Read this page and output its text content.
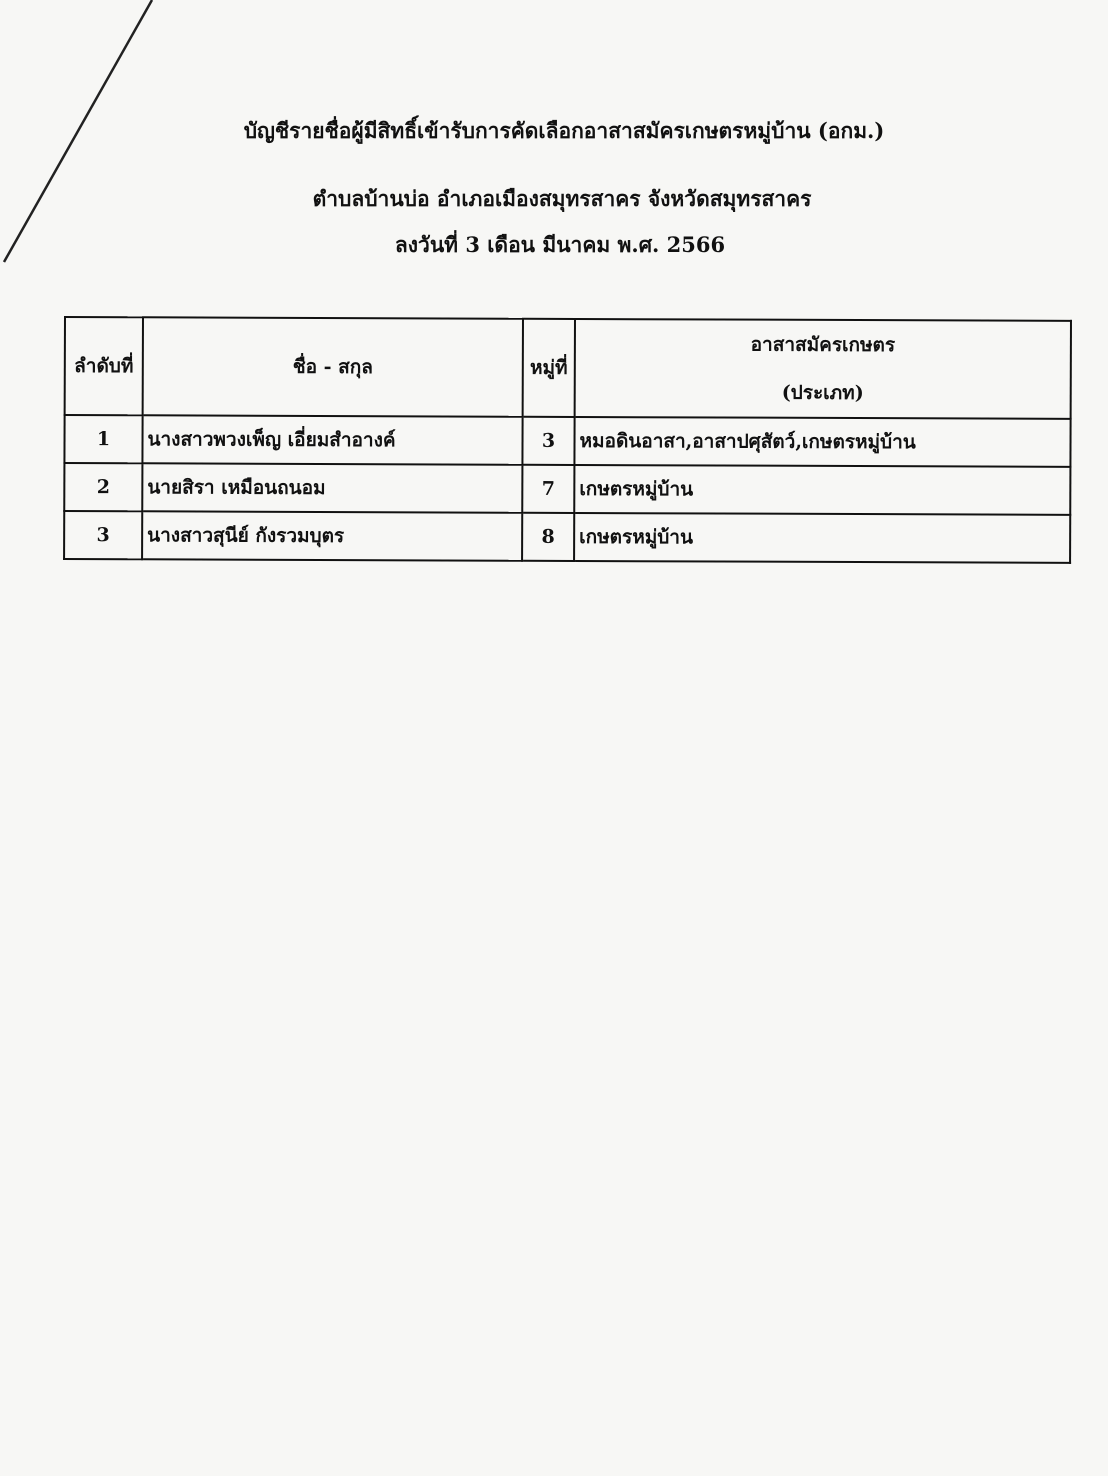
บัญชีรายชื่อผู้มีสิทธิ์เข้ารับการคัดเลือกอาสาสมัครเกษตรหมู่บ้าน (อกม.)
ตำบลบ้านบ่อ อำเภอเมืองสมุทรสาคร จังหวัดสมุทรสาคร
ลงวันที่ 3 เดือน มีนาคม พ.ศ. 2566
ลำดับที่	ชื่อ - สกุล	หมู่ที่	อาสาสมัครเกษตร
(ประเภท)

1	นางสาวพวงเพ็ญ เอี่ยมสำอางค์	3	หมอดินอาสา,อาสาปศุสัตว์,เกษตรหมู่บ้าน
2	นายสิรา เหมือนถนอม	7	เกษตรหมู่บ้าน
3	นางสาวสุนีย์ กังรวมบุตร	8	เกษตรหมู่บ้าน
